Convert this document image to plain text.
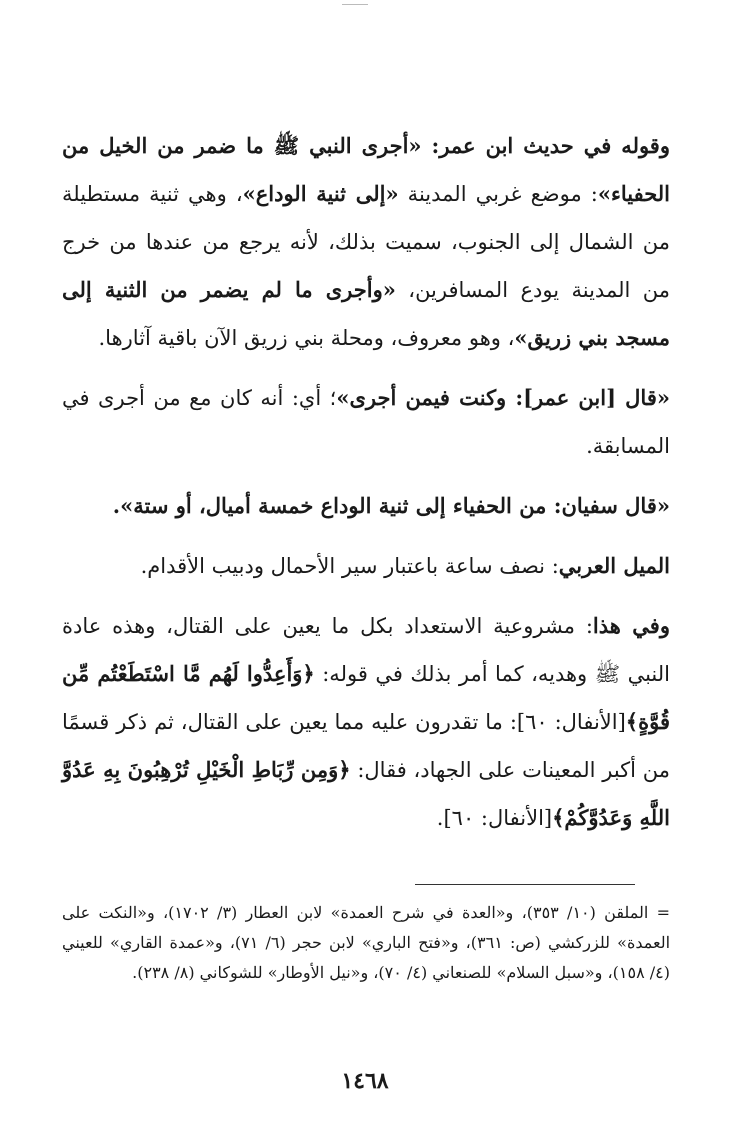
وقوله في حديث ابن عمر: «أجرى النبي ﷺ ما ضمر من الخيل من الحفياء»: موضع غربي المدينة «إلى ثنية الوداع»، وهي ثنية مستطيلة من الشمال إلى الجنوب، سميت بذلك، لأنه يرجع من عندها من خرج من المدينة يودع المسافرين، «وأجرى ما لم يضمر من الثنية إلى مسجد بني زريق»، وهو معروف، ومحلة بني زريق الآن باقية آثارها.

«قال [ابن عمر]: وكنت فيمن أجرى»؛ أي: أنه كان مع من أجرى في المسابقة.

«قال سفيان: من الحفياء إلى ثنية الوداع خمسة أميال، أو ستة».

الميل العربي: نصف ساعة باعتبار سير الأحمال ودبيب الأقدام.

وفي هذا: مشروعية الاستعداد بكل ما يعين على القتال، وهذه عادة النبي ﷺ وهديه، كما أمر بذلك في قوله: ﴿وَأَعِدُّوا لَهُم مَّا اسْتَطَعْتُم مِّن قُوَّةٍ﴾[الأنفال: ٦٠]: ما تقدرون عليه مما يعين على القتال، ثم ذكر قسمًا من أكبر المعينات على الجهاد، فقال: ﴿وَمِن رِّبَاطِ الْخَيْلِ تُرْهِبُونَ بِهِ عَدُوَّ اللَّهِ وَعَدُوَّكُمْ﴾[الأنفال: ٦٠].

= الملقن (١٠/ ٣٥٣)، و«العدة في شرح العمدة» لابن العطار (٣/ ١٧٠٢)، و«النكت على العمدة» للزركشي (ص: ٣٦١)، و«فتح الباري» لابن حجر (٦/ ٧١)، و«عمدة القاري» للعيني (٤/ ١٥٨)، و«سبل السلام» للصنعاني (٤/ ٧٠)، و«نيل الأوطار» للشوكاني (٨/ ٢٣٨).

١٤٦٨
